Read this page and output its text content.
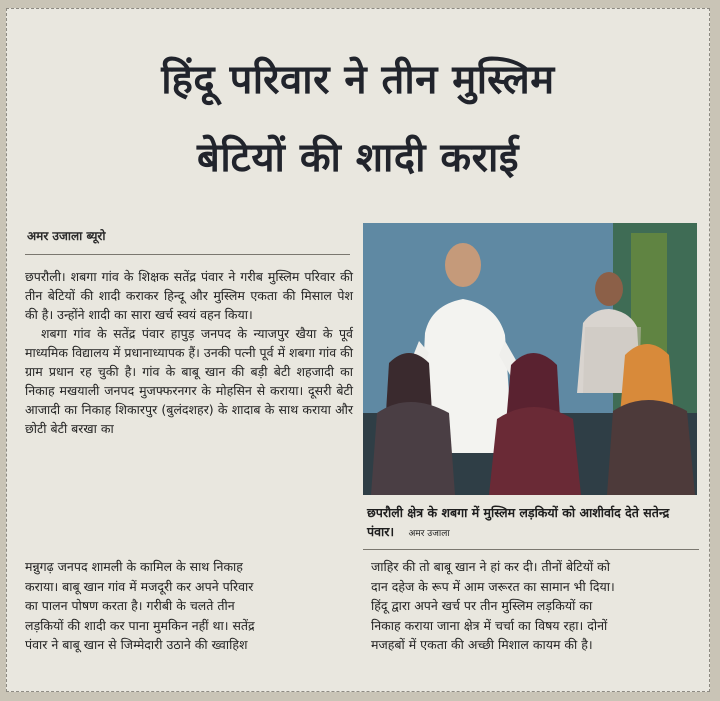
हिंदू परिवार ने तीन मुस्लिम
बेटियों की शादी कराई
अमर उजाला ब्यूरो

छपरौली। शबगा गांव के शिक्षक सतेंद्र पंवार ने गरीब मुस्लिम परिवार की तीन बेटियों की शादी कराकर हिन्दू और मुस्लिम एकता की मिसाल पेश की है। उन्होंने शादी का सारा खर्च स्वयं वहन किया।

शबगा गांव के सतेंद्र पंवार हापुड़ जनपद के न्याजपुर खैया के पूर्व माध्यमिक विद्यालय में प्रधानाध्यापक हैं। उनकी पत्नी पूर्व में शबगा गांव की ग्राम प्रधान रह चुकी है। गांव के बाबू खान की बड़ी बेटी शहजादी का निकाह मखयाली जनपद मुजफ्फरनगर के मोहसिन से कराया। दूसरी बेटी आजादी का निकाह शिकारपुर (बुलंदशहर) के शादाब के साथ कराया और छोटी बेटी बरखा का

छपरौली क्षेत्र के शबगा में मुस्लिम लड़कियों को आशीर्वाद देते सतेन्द्र पंवार। अमर उजाला
मन्नुगढ़ जनपद शामली के कामिल के साथ निकाह	जाहिर की तो बाबू खान ने हां कर दी। तीनों बेटियों को
कराया। बाबू खान गांव में मजदूरी कर अपने परिवार	दान दहेज के रूप में आम जरूरत का सामान भी दिया।
का पालन पोषण करता है। गरीबी के चलते तीन	हिंदू द्वारा अपने खर्च पर तीन मुस्लिम लड़कियों का
लड़कियों की शादी कर पाना मुमकिन नहीं था। सतेंद्र	निकाह कराया जाना क्षेत्र में चर्चा का विषय रहा। दोनों
पंवार ने बाबू खान से जिम्मेदारी उठाने की ख्वाहिश	मजहबों में एकता की अच्छी मिशाल कायम की है।
